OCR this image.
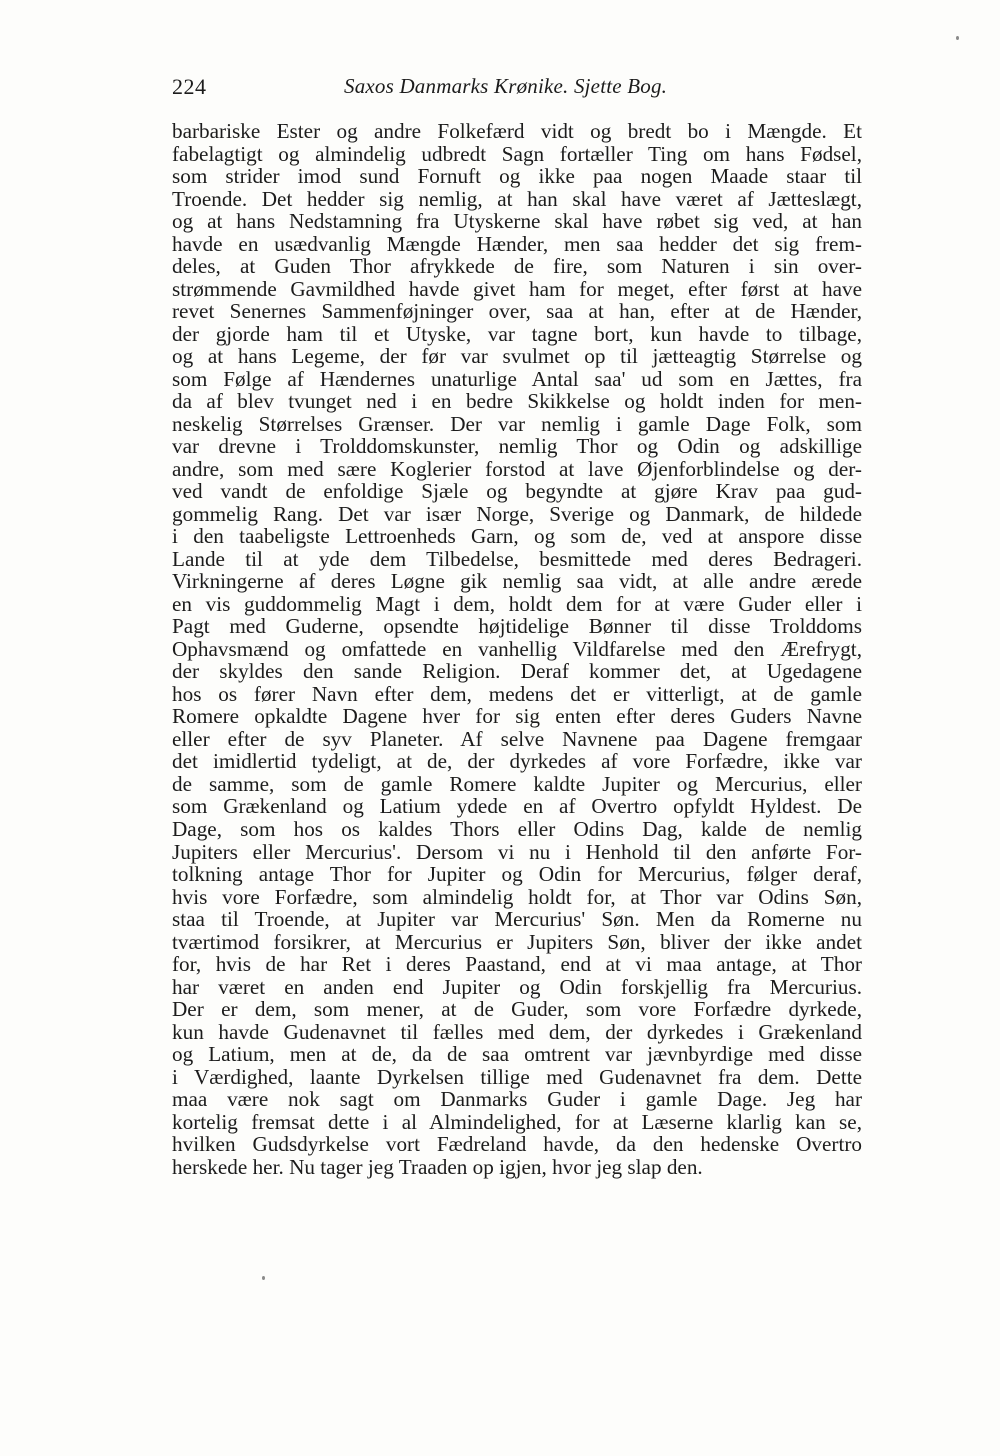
224	Saxos Danmarks Krønike. Sjette Bog.
barbariske Ester og andre Folkefærd vidt og bredt bo i Mængde. Et
fabelagtigt og almindelig udbredt Sagn fortæller Ting om hans Fødsel,
som strider imod sund Fornuft og ikke paa nogen Maade staar til
Troende. Det hedder sig nemlig, at han skal have været af Jætteslægt,
og at hans Nedstamning fra Utyskerne skal have røbet sig ved, at han
havde en usædvanlig Mængde Hænder, men saa hedder det sig frem-
deles, at Guden Thor afrykkede de fire, som Naturen i sin over-
strømmende Gavmildhed havde givet ham for meget, efter først at have
revet Senernes Sammenføjninger over, saa at han, efter at de Hænder,
der gjorde ham til et Utyske, var tagne bort, kun havde to tilbage,
og at hans Legeme, der før var svulmet op til jætteagtig Størrelse og
som Følge af Hændernes unaturlige Antal saa' ud som en Jættes, fra
da af blev tvunget ned i en bedre Skikkelse og holdt inden for men-
neskelig Størrelses Grænser. Der var nemlig i gamle Dage Folk, som
var drevne i Trolddomskunster, nemlig Thor og Odin og adskillige
andre, som med sære Koglerier forstod at lave Øjenforblindelse og der-
ved vandt de enfoldige Sjæle og begyndte at gjøre Krav paa gud-
gommelig Rang. Det var især Norge, Sverige og Danmark, de hildede
i den taabeligste Lettroenheds Garn, og som de, ved at anspore disse
Lande til at yde dem Tilbedelse, besmittede med deres Bedrageri.
Virkningerne af deres Løgne gik nemlig saa vidt, at alle andre ærede
en vis guddommelig Magt i dem, holdt dem for at være Guder eller i
Pagt med Guderne, opsendte højtidelige Bønner til disse Trolddoms
Ophavsmænd og omfattede en vanhellig Vildfarelse med den Ærefrygt,
der skyldes den sande Religion. Deraf kommer det, at Ugedagene
hos os fører Navn efter dem, medens det er vitterligt, at de gamle
Romere opkaldte Dagene hver for sig enten efter deres Guders Navne
eller efter de syv Planeter. Af selve Navnene paa Dagene fremgaar
det imidlertid tydeligt, at de, der dyrkedes af vore Forfædre, ikke var
de samme, som de gamle Romere kaldte Jupiter og Mercurius, eller
som Grækenland og Latium ydede en af Overtro opfyldt Hyldest. De
Dage, som hos os kaldes Thors eller Odins Dag, kalde de nemlig
Jupiters eller Mercurius'. Dersom vi nu i Henhold til den anførte For-
tolkning antage Thor for Jupiter og Odin for Mercurius, følger deraf,
hvis vore Forfædre, som almindelig holdt for, at Thor var Odins Søn,
staa til Troende, at Jupiter var Mercurius' Søn. Men da Romerne nu
tværtimod forsikrer, at Mercurius er Jupiters Søn, bliver der ikke andet
for, hvis de har Ret i deres Paastand, end at vi maa antage, at Thor
har været en anden end Jupiter og Odin forskjellig fra Mercurius.
Der er dem, som mener, at de Guder, som vore Forfædre dyrkede,
kun havde Gudenavnet til fælles med dem, der dyrkedes i Grækenland
og Latium, men at de, da de saa omtrent var jævnbyrdige med disse
i Værdighed, laante Dyrkelsen tillige med Gudenavnet fra dem. Dette
maa være nok sagt om Danmarks Guder i gamle Dage. Jeg har
kortelig fremsat dette i al Almindelighed, for at Læserne klarlig kan se,
hvilken Gudsdyrkelse vort Fædreland havde, da den hedenske Overtro
herskede her. Nu tager jeg Traaden op igjen, hvor jeg slap den.
